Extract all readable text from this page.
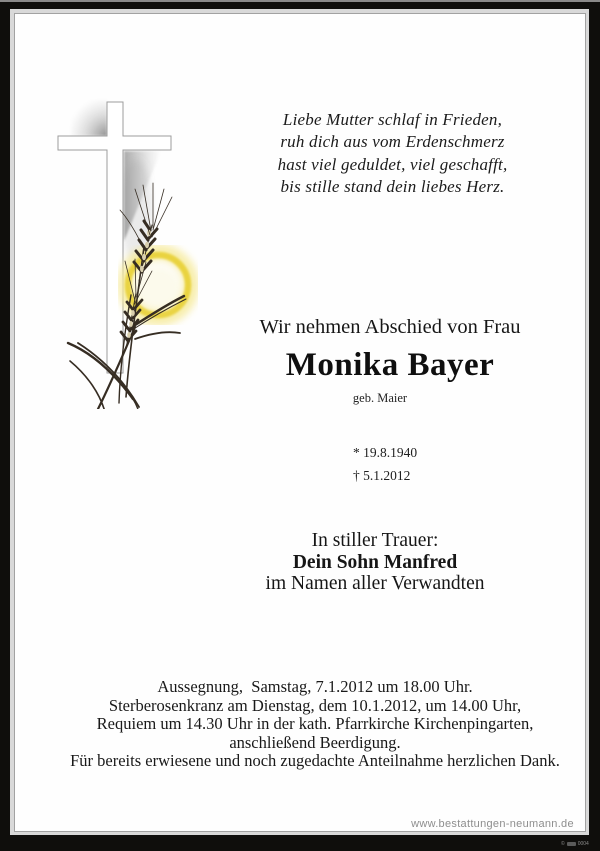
Liebe Mutter schlaf in Frieden,
ruh dich aus vom Erdenschmerz
hast viel geduldet, viel geschafft,
bis stille stand dein liebes Herz.
Wir nehmen Abschied von Frau
Monika Bayer
geb. Maier
* 19.8.1940
† 5.1.2012
In stiller Trauer:
Dein Sohn Manfred
im Namen aller Verwandten
Aussegnung,  Samstag, 7.1.2012 um 18.00 Uhr.
Sterberosenkranz am Dienstag, dem 10.1.2012, um 14.00 Uhr,
Requiem um 14.30 Uhr in der kath. Pfarrkirche Kirchenpingarten,
anschließend Beerdigung.
Für bereits erwiesene und noch zugedachte Anteilnahme herzlichen Dank.
www.bestattungen-neumann.de
©	0004
